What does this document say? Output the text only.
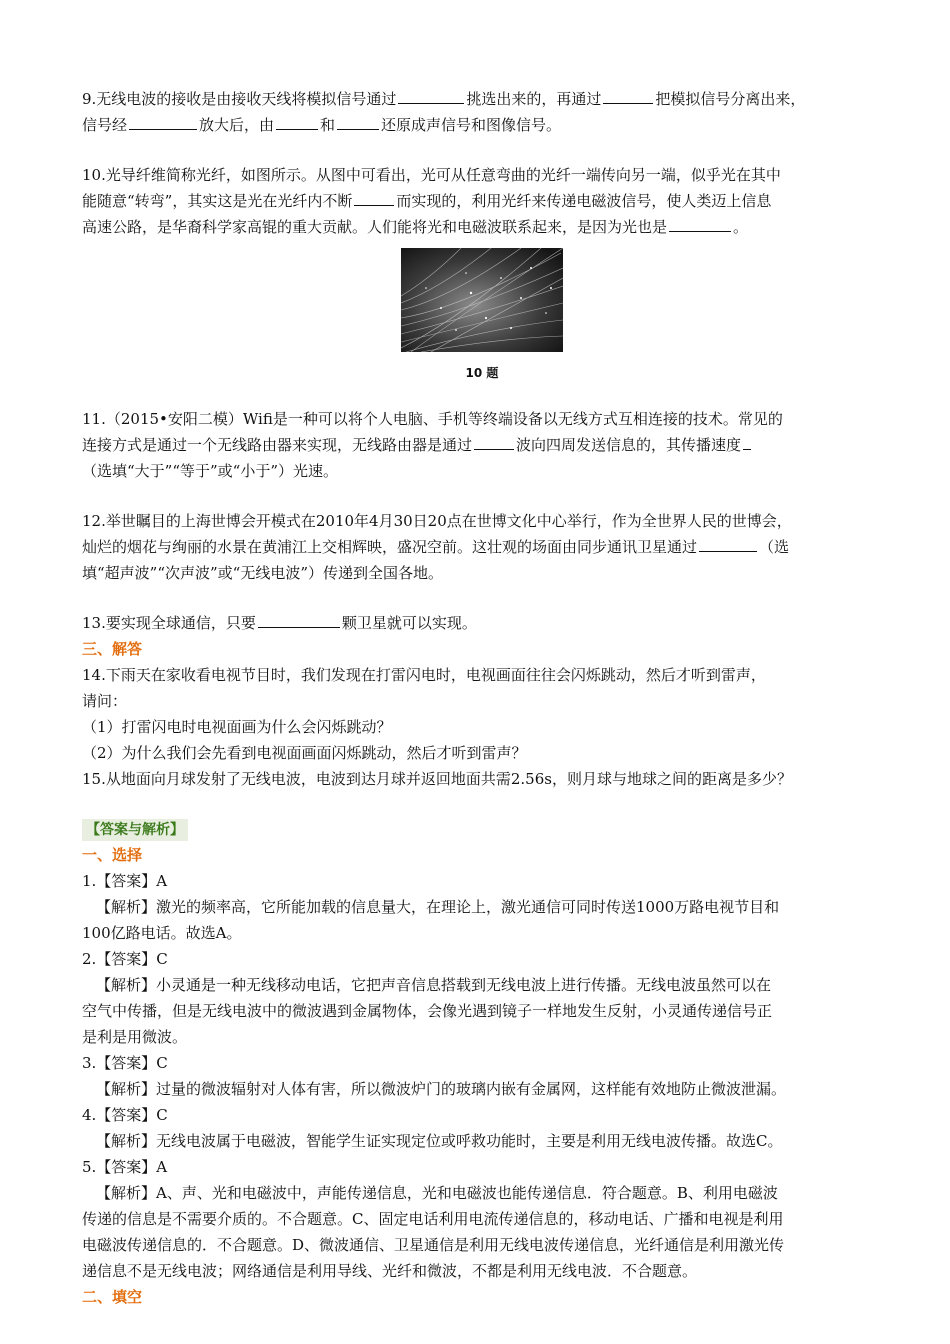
9.无线电波的接收是由接收天线将模拟信号通过	挑选出来的，再通过	把模拟信号分离出来，

信号经	放大后，由	和	还原成声信号和图像信号。

10.光导纤维简称光纤，如图所示。从图中可看出，光可从任意弯曲的光纤一端传向另一端，似乎光在其中

能随意“转弯”，其实这是光在光纤内不断	而实现的，利用光纤来传递电磁波信号，使人类迈上信息

高速公路，是华裔科学家高锟的重大贡献。人们能将光和电磁波联系起来，是因为光也是	。

10 题

11.（2015•安阳二模）Wifi是一种可以将个人电脑、手机等终端设备以无线方式互相连接的技术。常见的

连接方式是通过一个无线路由器来实现，无线路由器是通过	波向四周发送信息的，其传播速度

（选填“大于”“等于”或“小于”）光速。

12.举世瞩目的上海世博会开模式在2010年4月30日20点在世博文化中心举行，作为全世界人民的世博会，

灿烂的烟花与绚丽的水景在黄浦江上交相辉映，盛况空前。这壮观的场面由同步通讯卫星通过	（选

填“超声波”“次声波”或“无线电波”）传递到全国各地。

13.要实现全球通信，只要	颗卫星就可以实现。

三、解答

14.下雨天在家收看电视节目时，我们发现在打雷闪电时，电视画面往往会闪烁跳动，然后才听到雷声，

请问：

（1）打雷闪电时电视面画为什么会闪烁跳动？

（2）为什么我们会先看到电视面画面闪烁跳动，然后才听到雷声？

15.从地面向月球发射了无线电波，电波到达月球并返回地面共需2.56s，则月球与地球之间的距离是多少？

【答案与解析】

一、选择

1.【答案】A

【解析】激光的频率高，它所能加载的信息量大，在理论上，激光通信可同时传送1000万路电视节目和

100亿路电话。故选A。

2.【答案】C

【解析】小灵通是一种无线移动电话，它把声音信息搭载到无线电波上进行传播。无线电波虽然可以在

空气中传播，但是无线电波中的微波遇到金属物体，会像光遇到镜子一样地发生反射，小灵通传递信号正

是利是用微波。

3.【答案】C

【解析】过量的微波辐射对人体有害，所以微波炉门的玻璃内嵌有金属网，这样能有效地防止微波泄漏。

4.【答案】C

【解析】无线电波属于电磁波，智能学生证实现定位或呼救功能时，主要是利用无线电波传播。故选C。

5.【答案】A

【解析】A、声、光和电磁波中，声能传递信息，光和电磁波也能传递信息．符合题意。B、利用电磁波

传递的信息是不需要介质的。不合题意。C、固定电话利用电流传递信息的，移动电话、广播和电视是利用

电磁波传递信息的．不合题意。D、微波通信、卫星通信是利用无线电波传递信息，光纤通信是利用激光传

递信息不是无线电波；网络通信是利用导线、光纤和微波，不都是利用无线电波．不合题意。

二、填空
